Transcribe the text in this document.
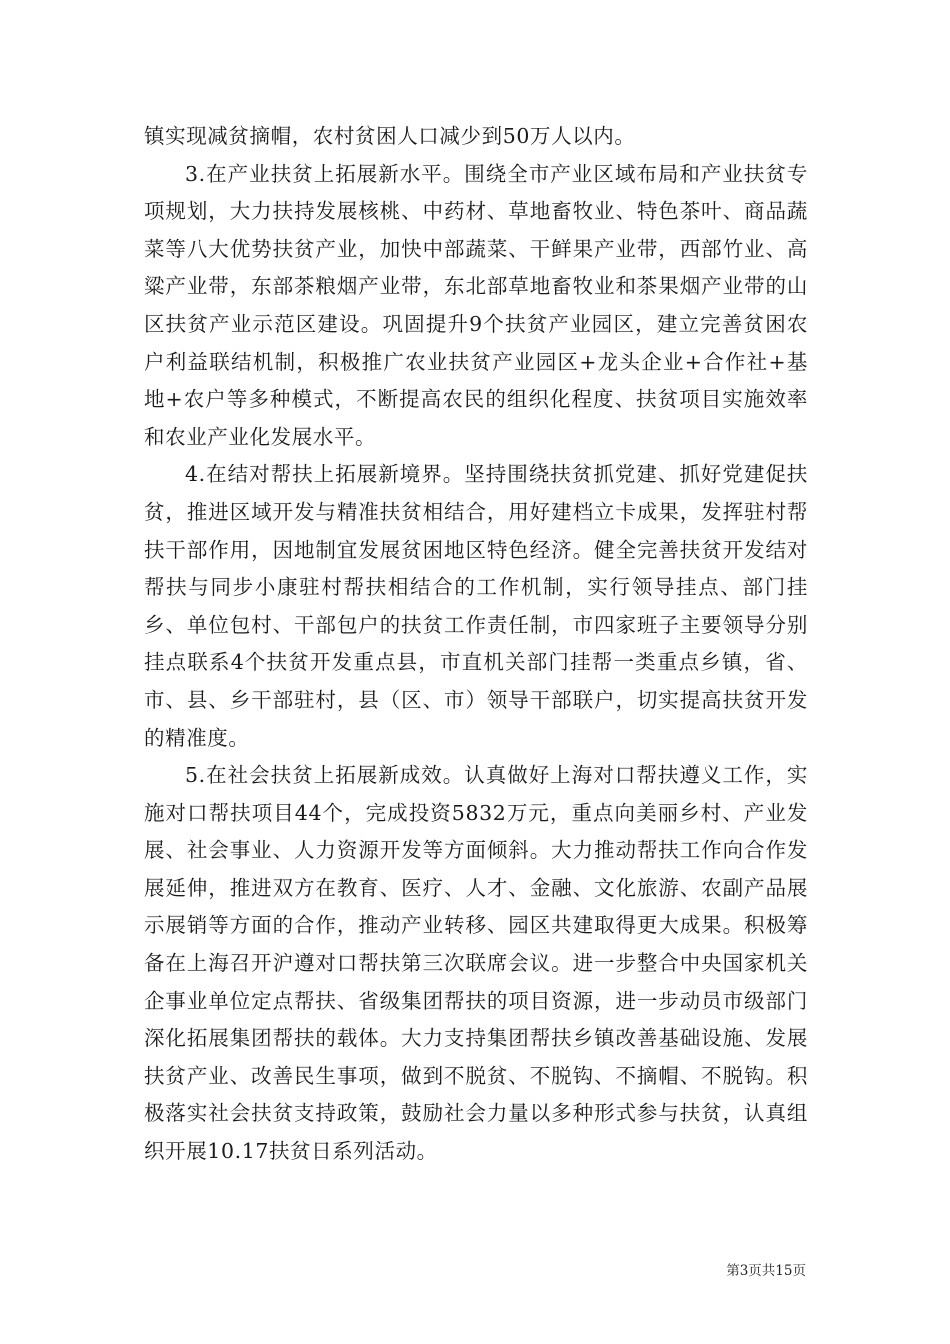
镇实现减贫摘帽，农村贫困人口减少到50万人以内。

3.在产业扶贫上拓展新水平。围绕全市产业区域布局和产业扶贫专项规划，大力扶持发展核桃、中药材、草地畜牧业、特色茶叶、商品蔬菜等八大优势扶贫产业，加快中部蔬菜、干鲜果产业带，西部竹业、高粱产业带，东部茶粮烟产业带，东北部草地畜牧业和茶果烟产业带的山区扶贫产业示范区建设。巩固提升9个扶贫产业园区，建立完善贫困农户利益联结机制，积极推广农业扶贫产业园区+龙头企业+合作社+基地+农户等多种模式，不断提高农民的组织化程度、扶贫项目实施效率和农业产业化发展水平。

4.在结对帮扶上拓展新境界。坚持围绕扶贫抓党建、抓好党建促扶贫，推进区域开发与精准扶贫相结合，用好建档立卡成果，发挥驻村帮扶干部作用，因地制宜发展贫困地区特色经济。健全完善扶贫开发结对帮扶与同步小康驻村帮扶相结合的工作机制，实行领导挂点、部门挂乡、单位包村、干部包户的扶贫工作责任制，市四家班子主要领导分别挂点联系4个扶贫开发重点县，市直机关部门挂帮一类重点乡镇，省、市、县、乡干部驻村，县（区、市）领导干部联户，切实提高扶贫开发的精准度。

5.在社会扶贫上拓展新成效。认真做好上海对口帮扶遵义工作，实施对口帮扶项目44个，完成投资5832万元，重点向美丽乡村、产业发展、社会事业、人力资源开发等方面倾斜。大力推动帮扶工作向合作发展延伸，推进双方在教育、医疗、人才、金融、文化旅游、农副产品展示展销等方面的合作，推动产业转移、园区共建取得更大成果。积极筹备在上海召开沪遵对口帮扶第三次联席会议。进一步整合中央国家机关企事业单位定点帮扶、省级集团帮扶的项目资源，进一步动员市级部门深化拓展集团帮扶的载体。大力支持集团帮扶乡镇改善基础设施、发展扶贫产业、改善民生事项，做到不脱贫、不脱钩、不摘帽、不脱钩。积极落实社会扶贫支持政策，鼓励社会力量以多种形式参与扶贫，认真组织开展10.17扶贫日系列活动。

第3页共15页
